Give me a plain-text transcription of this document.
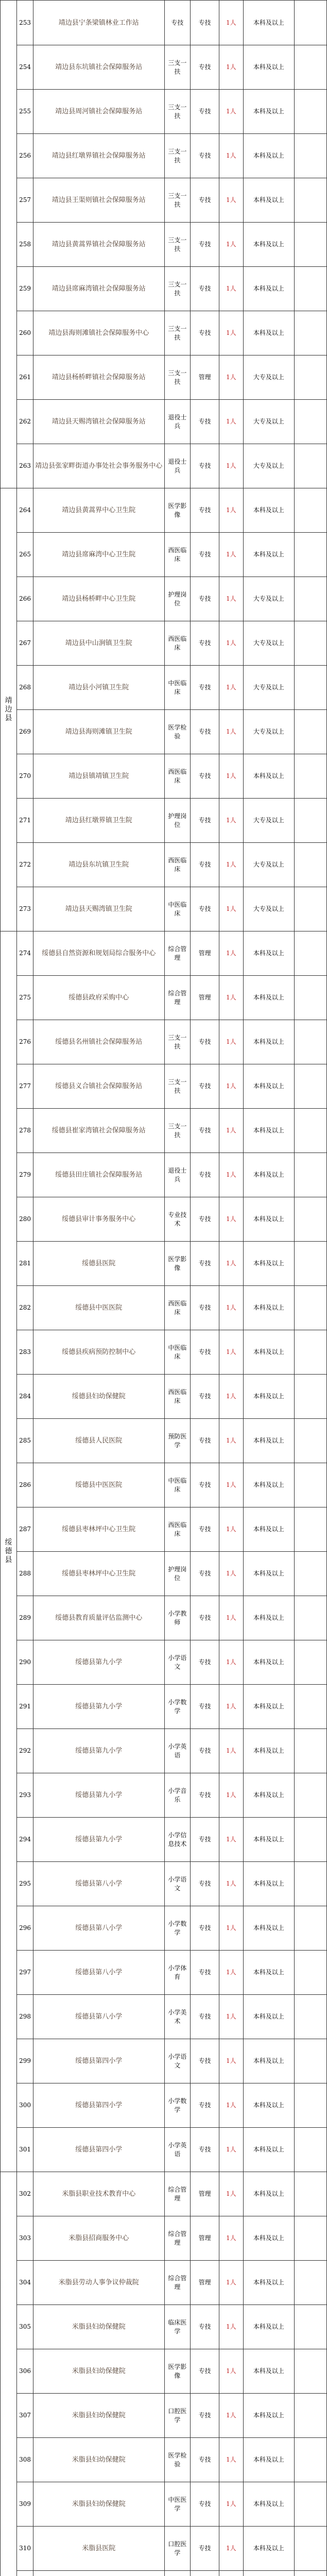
	253	靖边县宁条梁镇林业工作站	专技	专技	1人	本科及以上	
	254	靖边县东坑镇社会保障服务站	三支一扶	专技	1人	本科及以上	
	255	靖边县周河镇社会保障服务站	三支一扶	专技	1人	本科及以上	
	256	靖边县红墩界镇社会保障服务站	三支一扶	专技	1人	本科及以上	
	257	靖边县王渠则镇社会保障服务站	三支一扶	专技	1人	本科及以上	
	258	靖边县黄蒿界镇社会保障服务站	三支一扶	专技	1人	本科及以上	
	259	靖边县席麻湾镇社会保障服务站	三支一扶	专技	1人	本科及以上	
	260	靖边县海则滩镇社会保障服务中心	三支一扶	专技	1人	本科及以上	
	261	靖边县杨桥畔镇社会保障服务站	三支一扶	管理	1人	大专及以上	
	262	靖边县天赐湾镇社会保障服务站	退役士兵	专技	1人	大专及以上	
	263	靖边县张家畔街道办事处社会事务服务中心	退役士兵	专技	1人	大专及以上	
靖边县	264	靖边县黄蒿界中心卫生院	医学影像	专技	1人	本科及以上	
	265	靖边县席麻湾中心卫生院	西医临床	专技	1人	本科及以上	
	266	靖边县杨桥畔中心卫生院	护理岗位	专技	1人	大专及以上	
	267	靖边县中山涧镇卫生院	西医临床	专技	1人	大专及以上	
	268	靖边县小河镇卫生院	中医临床	专技	1人	大专及以上	
	269	靖边县海则滩镇卫生院	医学检验	专技	1人	大专及以上	
	270	靖边县镇靖镇卫生院	西医临床	专技	1人	本科及以上	
	271	靖边县红墩界镇卫生院	护理岗位	专技	1人	大专及以上	
	272	靖边县东坑镇卫生院	西医临床	专技	1人	大专及以上	
	273	靖边县天赐湾镇卫生院	中医临床	专技	1人	大专及以上	
绥德县	274	绥德县自然资源和规划局综合服务中心	综合管理	管理	1人	本科及以上	
	275	绥德县政府采购中心	综合管理	管理	1人	本科及以上	
	276	绥德县名州镇社会保障服务站	三支一扶	专技	1人	本科及以上	
	277	绥德县义合镇社会保障服务站	三支一扶	专技	1人	本科及以上	
	278	绥德县崔家湾镇社会保障服务站	三支一扶	专技	1人	本科及以上	
	279	绥德县田庄镇社会保障服务站	退役士兵	专技	1人	本科及以上	
	280	绥德县审计事务服务中心	专业技术	专技	1人	本科及以上	
	281	绥德县医院	医学影像	专技	1人	本科及以上	
	282	绥德县中医医院	西医临床	专技	1人	本科及以上	
	283	绥德县疾病预防控制中心	中医临床	专技	1人	本科及以上	
	284	绥德县妇幼保健院	西医临床	专技	1人	本科及以上	
	285	绥德县人民医院	预防医学	专技	1人	本科及以上	
	286	绥德县中医医院	中医临床	专技	1人	本科及以上	
	287	绥德县枣林坪中心卫生院	西医临床	专技	1人	本科及以上	
	288	绥德县枣林坪中心卫生院	护理岗位	专技	1人	本科及以上	
	289	绥德县教育质量评估监测中心	小学教师	专技	1人	本科及以上	
	290	绥德县第九小学	小学语文	专技	1人	本科及以上	
	291	绥德县第九小学	小学数学	专技	1人	本科及以上	
	292	绥德县第九小学	小学英语	专技	1人	本科及以上	
	293	绥德县第九小学	小学音乐	专技	1人	本科及以上	
	294	绥德县第九小学	小学信息技术	专技	1人	本科及以上	
	295	绥德县第八小学	小学语文	专技	1人	本科及以上	
	296	绥德县第八小学	小学数学	专技	1人	本科及以上	
	297	绥德县第八小学	小学体育	专技	1人	本科及以上	
	298	绥德县第八小学	小学美术	专技	1人	本科及以上	
	299	绥德县第四小学	小学语文	专技	1人	本科及以上	
	300	绥德县第四小学	小学数学	专技	1人	本科及以上	
	301	绥德县第四小学	小学英语	专技	1人	本科及以上	
	302	米脂县职业技术教育中心	综合管理	管理	1人	本科及以上	
	303	米脂县招商服务中心	综合管理	管理	1人	本科及以上	
	304	米脂县劳动人事争议仲裁院	综合管理	管理	1人	本科及以上	
	305	米脂县妇幼保健院	临床医学	专技	1人	本科及以上	
	306	米脂县妇幼保健院	医学影像	专技	1人	本科及以上	
	307	米脂县妇幼保健院	口腔医学	专技	1人	本科及以上	
	308	米脂县妇幼保健院	医学检验	专技	1人	本科及以上	
	309	米脂县妇幼保健院	中医医学	专技	1人	本科及以上	
	310	米脂县医院	口腔医学	专技	1人	本科及以上	
